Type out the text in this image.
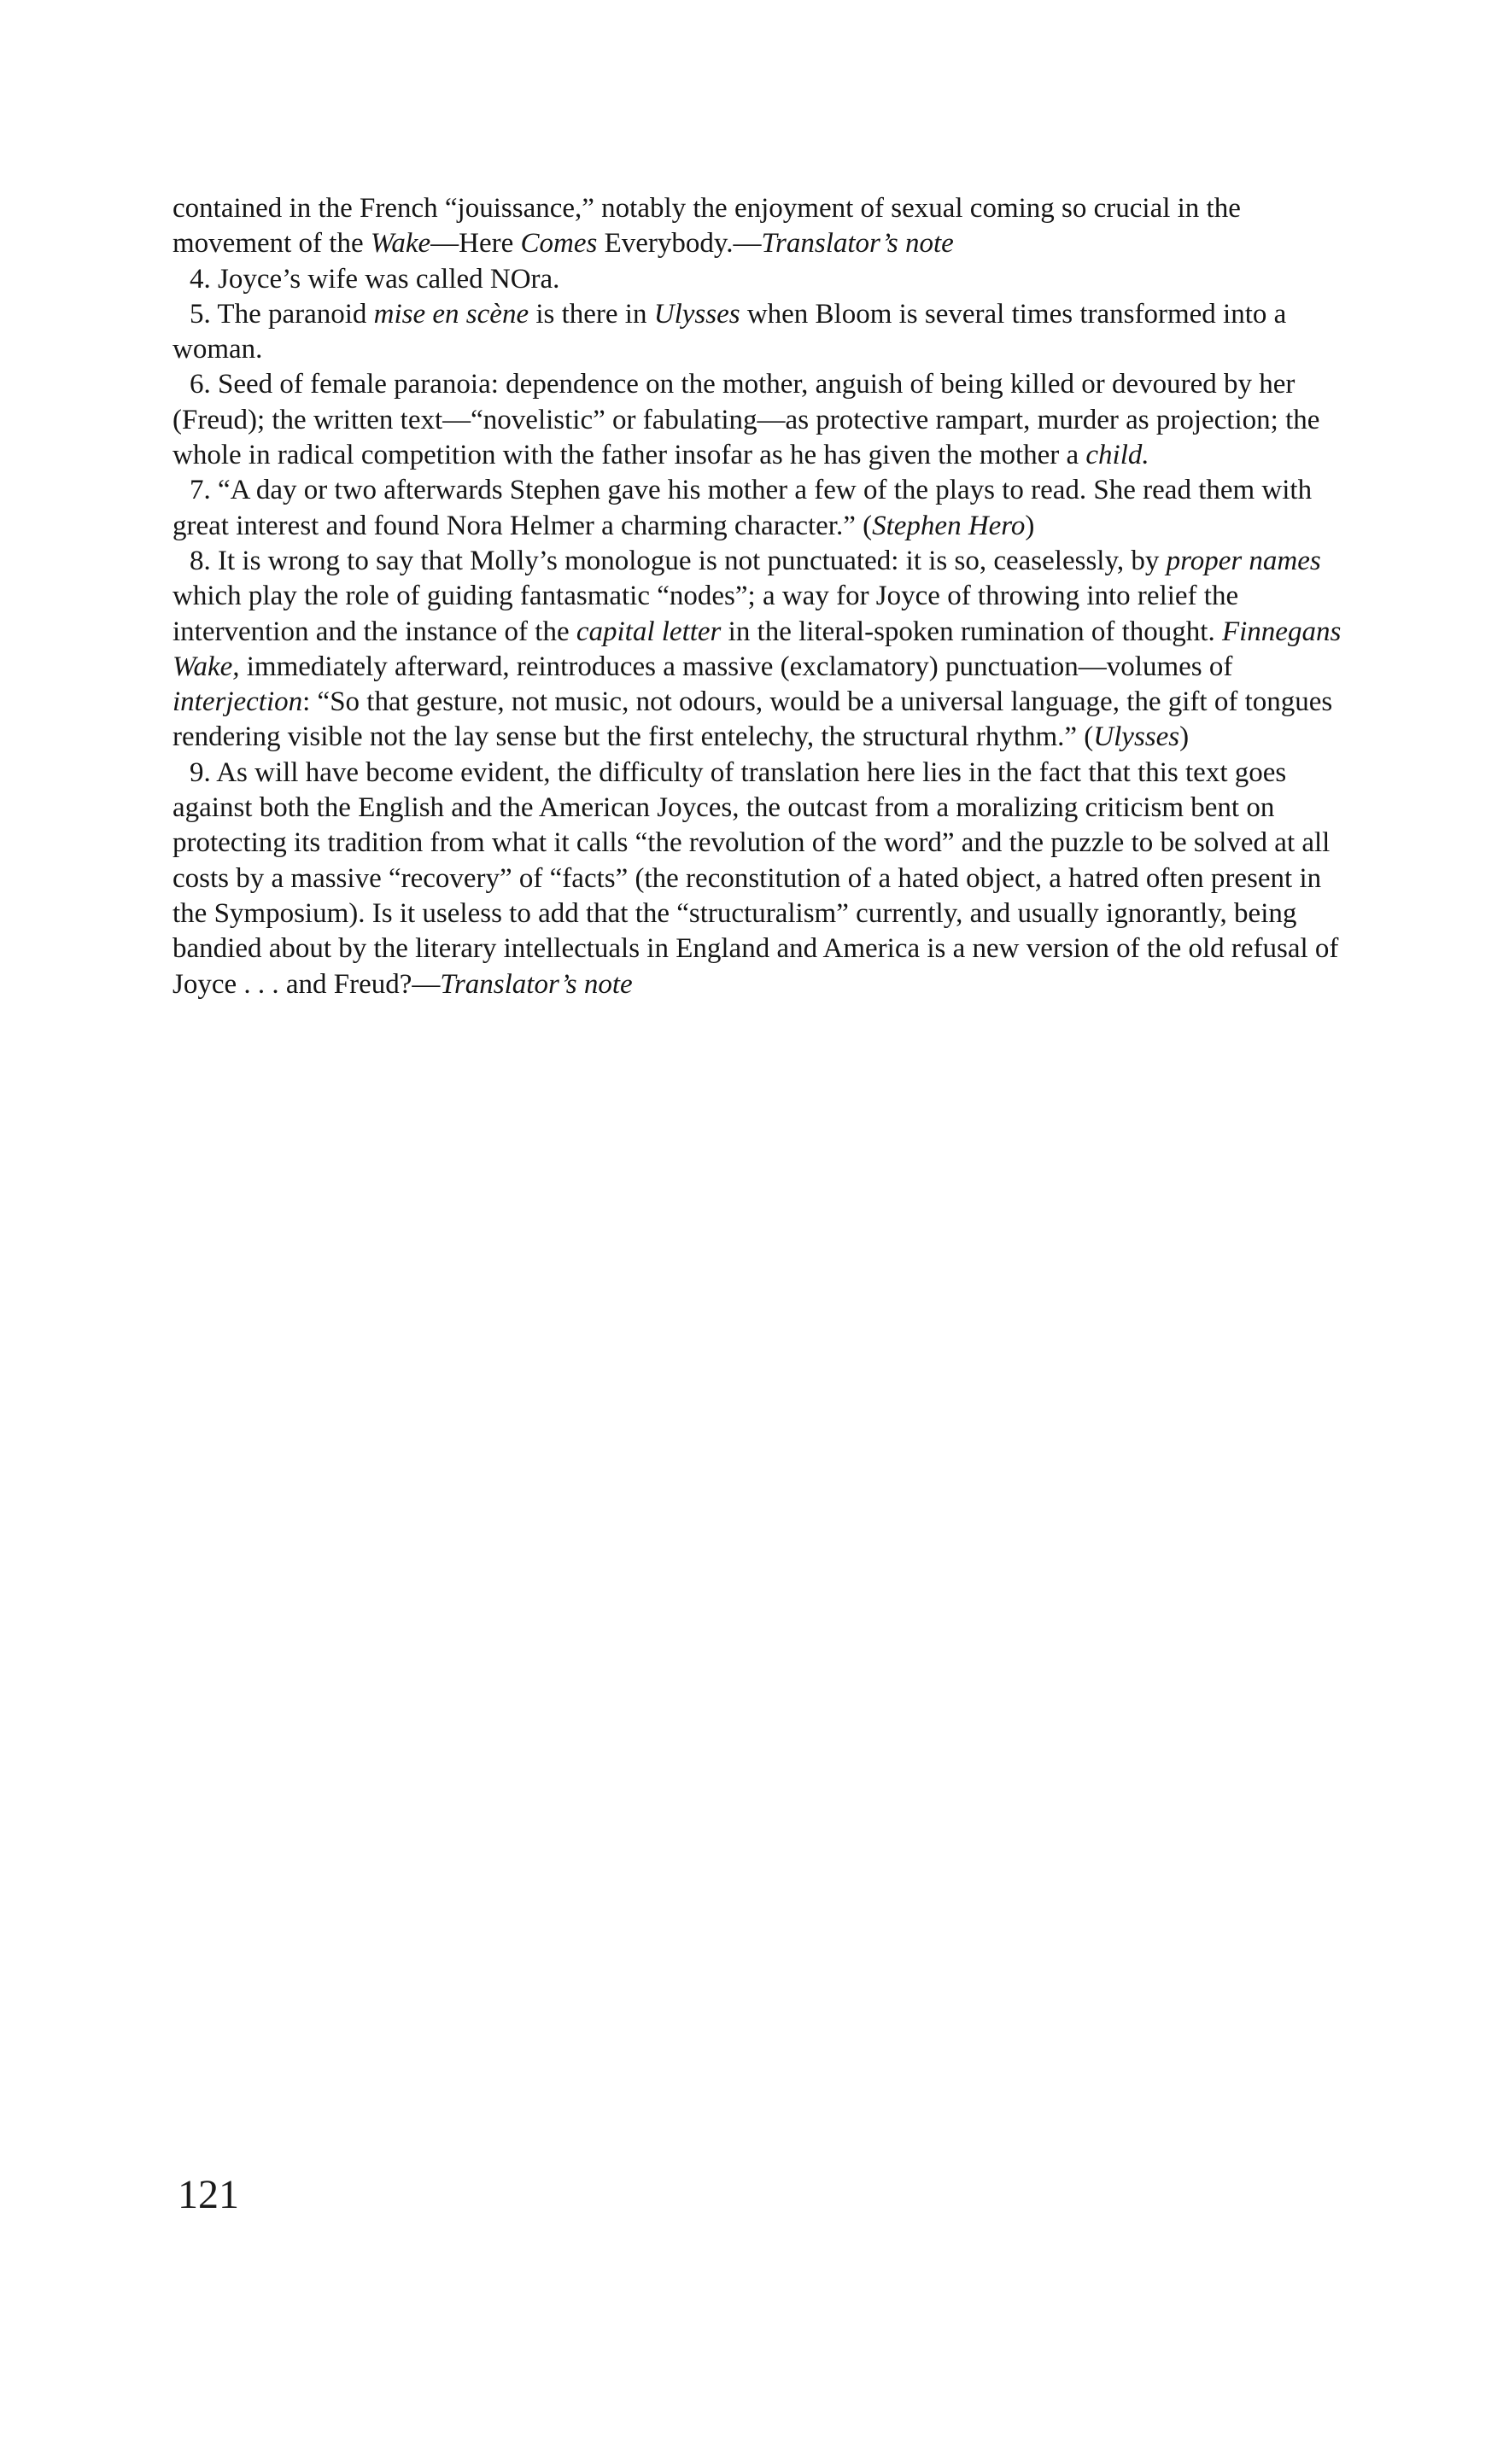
contained in the French “jouissance,” notably the enjoyment of sexual coming so crucial in the movement of the Wake—Here Comes Everybody.—Translator’s note

4. Joyce’s wife was called NOra.

5. The paranoid mise en scène is there in Ulysses when Bloom is several times transformed into a woman.

6. Seed of female paranoia: dependence on the mother, anguish of being killed or devoured by her (Freud); the written text—“novelistic” or fabulating—as protective rampart, murder as projection; the whole in radical competition with the father insofar as he has given the mother a child.

7. “A day or two afterwards Stephen gave his mother a few of the plays to read. She read them with great interest and found Nora Helmer a charming character.” (Stephen Hero)

8. It is wrong to say that Molly’s monologue is not punctuated: it is so, ceaselessly, by proper names which play the role of guiding fantasmatic “nodes”; a way for Joyce of throwing into relief the intervention and the instance of the capital letter in the literal-spoken rumination of thought. Finnegans Wake, immediately afterward, reintroduces a massive (exclamatory) punctuation—volumes of interjection: “So that gesture, not music, not odours, would be a universal language, the gift of tongues rendering visible not the lay sense but the first entelechy, the structural rhythm.” (Ulysses)

9. As will have become evident, the difficulty of translation here lies in the fact that this text goes against both the English and the American Joyces, the outcast from a moralizing criticism bent on protecting its tradition from what it calls “the revolution of the word” and the puzzle to be solved at all costs by a massive “recovery” of “facts” (the reconstitution of a hated object, a hatred often present in the Symposium). Is it useless to add that the “structuralism” currently, and usually ignorantly, being bandied about by the literary intellectuals in England and America is a new version of the old refusal of Joyce . . . and Freud?—Translator’s note

121
